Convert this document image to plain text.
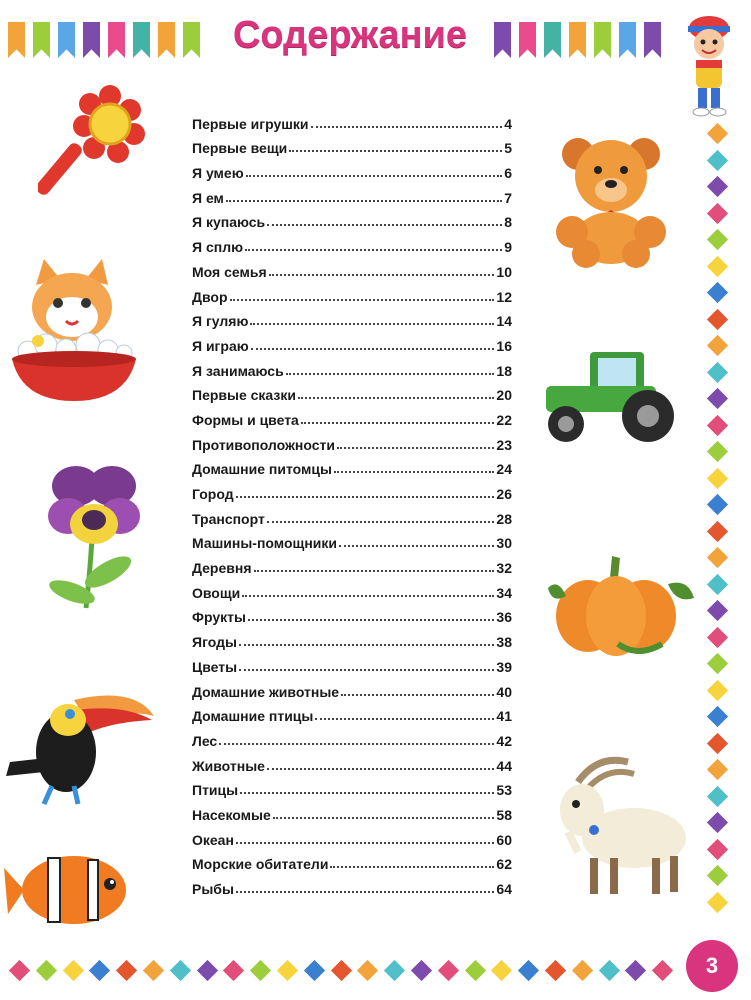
Содержание
Первые игрушки	4
Первые вещи	5
Я умею	6
Я ем	7
Я купаюсь	8
Я сплю	9
Моя семья	10
Двор	12
Я гуляю	14
Я играю	16
Я занимаюсь	18
Первые сказки	20
Формы и цвета	22
Противоположности	23
Домашние питомцы	24
Город	26
Транспорт	28
Машины-помощники	30
Деревня	32
Овощи	34
Фрукты	36
Ягоды	38
Цветы	39
Домашние животные	40
Домашние птицы	41
Лес	42
Животные	44
Птицы	53
Насекомые	58
Океан	60
Морские обитатели	62
Рыбы	64
3
